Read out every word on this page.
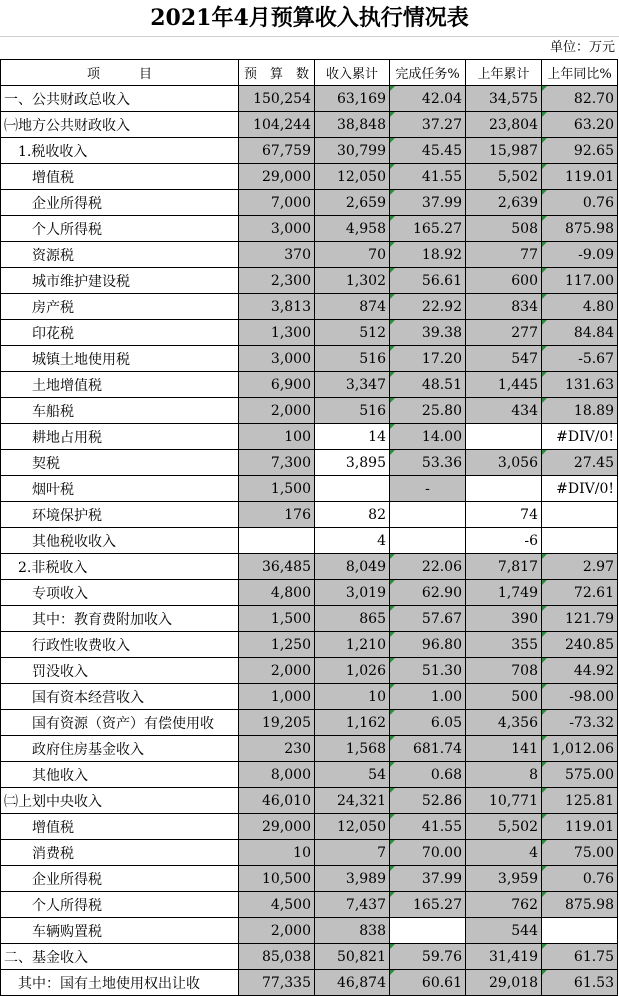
2021年4月预算收入执行情况表
单位：万元
项　　　目	预　算　数	收入累计	完成任务%	上年累计	上年同比%
一、公共财政总收入	150,254	63,169	42.04	34,575	82.70
㈠地方公共财政收入	104,244	38,848	37.27	23,804	63.20
　1.税收收入	67,759	30,799	45.45	15,987	92.65
　　增值税	29,000	12,050	41.55	5,502	119.01
　　企业所得税	7,000	2,659	37.99	2,639	0.76
　　个人所得税	3,000	4,958	165.27	508	875.98
　　资源税	370	70	18.92	77	-9.09
　　城市维护建设税	2,300	1,302	56.61	600	117.00
　　房产税	3,813	874	22.92	834	4.80
　　印花税	1,300	512	39.38	277	84.84
　　城镇土地使用税	3,000	516	17.20	547	-5.67
　　土地增值税	6,900	3,347	48.51	1,445	131.63
　　车船税	2,000	516	25.80	434	18.89
　　耕地占用税	100	14	14.00		#DIV/0!
　　契税	7,300	3,895	53.36	3,056	27.45
　　烟叶税	1,500		-		#DIV/0!
　　环境保护税	176	82		74	
　　其他税收收入		4		-6	
　2.非税收入	36,485	8,049	22.06	7,817	2.97
　　专项收入	4,800	3,019	62.90	1,749	72.61
　　其中：教育费附加收入	1,500	865	57.67	390	121.79
　　行政性收费收入	1,250	1,210	96.80	355	240.85
　　罚没收入	2,000	1,026	51.30	708	44.92
　　国有资本经营收入	1,000	10	1.00	500	-98.00
　　国有资源（资产）有偿使用收	19,205	1,162	6.05	4,356	-73.32
　　政府住房基金收入	230	1,568	681.74	141	1,012.06
　　其他收入	8,000	54	0.68	8	575.00
㈡上划中央收入	46,010	24,321	52.86	10,771	125.81
　　增值税	29,000	12,050	41.55	5,502	119.01
　　消费税	10	7	70.00	4	75.00
　　企业所得税	10,500	3,989	37.99	3,959	0.76
　　个人所得税	4,500	7,437	165.27	762	875.98
　　车辆购置税	2,000	838		544	
二、基金收入	85,038	50,821	59.76	31,419	61.75
　其中：国有土地使用权出让收	77,335	46,874	60.61	29,018	61.53
